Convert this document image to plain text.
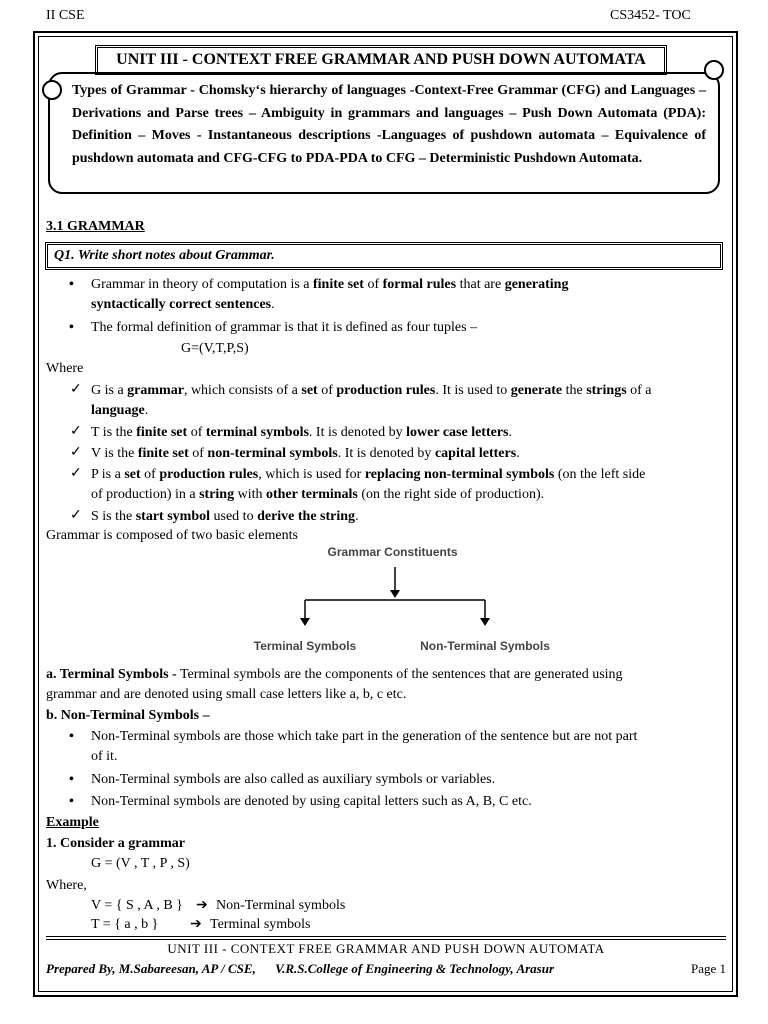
II CSE	CS3452- TOC
UNIT III - CONTEXT FREE GRAMMAR AND PUSH DOWN AUTOMATA
Types of Grammar - Chomsky‘s hierarchy of languages -Context-Free Grammar (CFG) and Languages – Derivations and Parse trees – Ambiguity in grammars and languages – Push Down Automata (PDA): Definition – Moves - Instantaneous descriptions -Languages of pushdown automata – Equivalence of pushdown automata and CFG-CFG to PDA-PDA to CFG – Deterministic Pushdown Automata.
3.1 GRAMMAR
Q1. Write short notes about Grammar.
• Grammar in theory of computation is a finite set of formal rules that are generating
syntactically correct sentences.
• The formal definition of grammar is that it is defined as four tuples –
G=(V,T,P,S)
Where
✓ G is a grammar, which consists of a set of production rules. It is used to generate the strings of a
language.
✓ T is the finite set of terminal symbols. It is denoted by lower case letters.
✓ V is the finite set of non-terminal symbols. It is denoted by capital letters.
✓ P is a set of production rules, which is used for replacing non-terminal symbols (on the left side
of production) in a string with other terminals (on the right side of production).
✓ S is the start symbol used to derive the string.
Grammar is composed of two basic elements
Grammar Constituents
Terminal Symbols	Non-Terminal Symbols
a. Terminal Symbols - Terminal symbols are the components of the sentences that are generated using
grammar and are denoted using small case letters like a, b, c etc.
b. Non-Terminal Symbols –
• Non-Terminal symbols are those which take part in the generation of the sentence but are not part
of it.
• Non-Terminal symbols are also called as auxiliary symbols or variables.
• Non-Terminal symbols are denoted by using capital letters such as A, B, C etc.
Example
1. Consider a grammar
G = (V , T , P , S)
Where,
V = { S , A , B } ➔ Non-Terminal symbols
T = { a , b } ➔ Terminal symbols
UNIT III - CONTEXT FREE GRAMMAR AND PUSH DOWN AUTOMATA
Prepared By, M.Sabareesan, AP / CSE, V.R.S.College of Engineering & Technology, Arasur	Page 1
